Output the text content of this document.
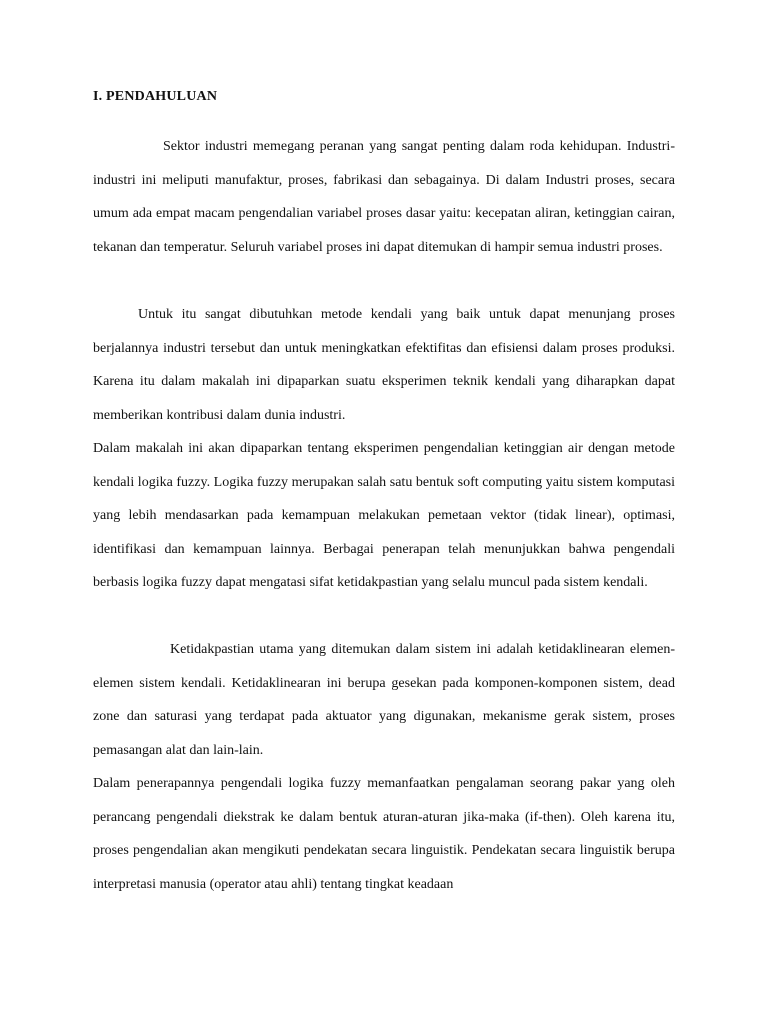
I. PENDAHULUAN

Sektor industri memegang peranan yang sangat penting dalam roda kehidupan. Industri-industri ini meliputi manufaktur, proses, fabrikasi dan sebagainya. Di dalam Industri proses, secara umum ada empat macam pengendalian variabel proses dasar yaitu: kecepatan aliran, ketinggian cairan, tekanan dan temperatur. Seluruh variabel proses ini dapat ditemukan di hampir semua industri proses.

Untuk itu sangat dibutuhkan metode kendali yang baik untuk dapat menunjang proses berjalannya industri tersebut dan untuk meningkatkan efektifitas dan efisiensi dalam proses produksi. Karena itu dalam makalah ini dipaparkan suatu eksperimen teknik kendali yang diharapkan dapat memberikan kontribusi dalam dunia industri.

Dalam makalah ini akan dipaparkan tentang eksperimen pengendalian ketinggian air dengan metode kendali logika fuzzy. Logika fuzzy merupakan salah satu bentuk soft computing yaitu sistem komputasi yang lebih mendasarkan pada kemampuan melakukan pemetaan vektor (tidak linear), optimasi, identifikasi dan kemampuan lainnya. Berbagai penerapan telah menunjukkan bahwa pengendali berbasis logika fuzzy dapat mengatasi sifat ketidakpastian yang selalu muncul pada sistem kendali.

Ketidakpastian utama yang ditemukan dalam sistem ini adalah ketidaklinearan elemen-elemen sistem kendali. Ketidaklinearan ini berupa gesekan pada komponen-komponen sistem, dead zone dan saturasi yang terdapat pada aktuator yang digunakan, mekanisme gerak sistem, proses pemasangan alat dan lain-lain.

Dalam penerapannya pengendali logika fuzzy memanfaatkan pengalaman seorang pakar yang oleh perancang pengendali diekstrak ke dalam bentuk aturan-aturan jika-maka (if-then). Oleh karena itu, proses pengendalian akan mengikuti pendekatan secara linguistik. Pendekatan secara linguistik berupa interpretasi manusia (operator atau ahli) tentang tingkat keadaan
